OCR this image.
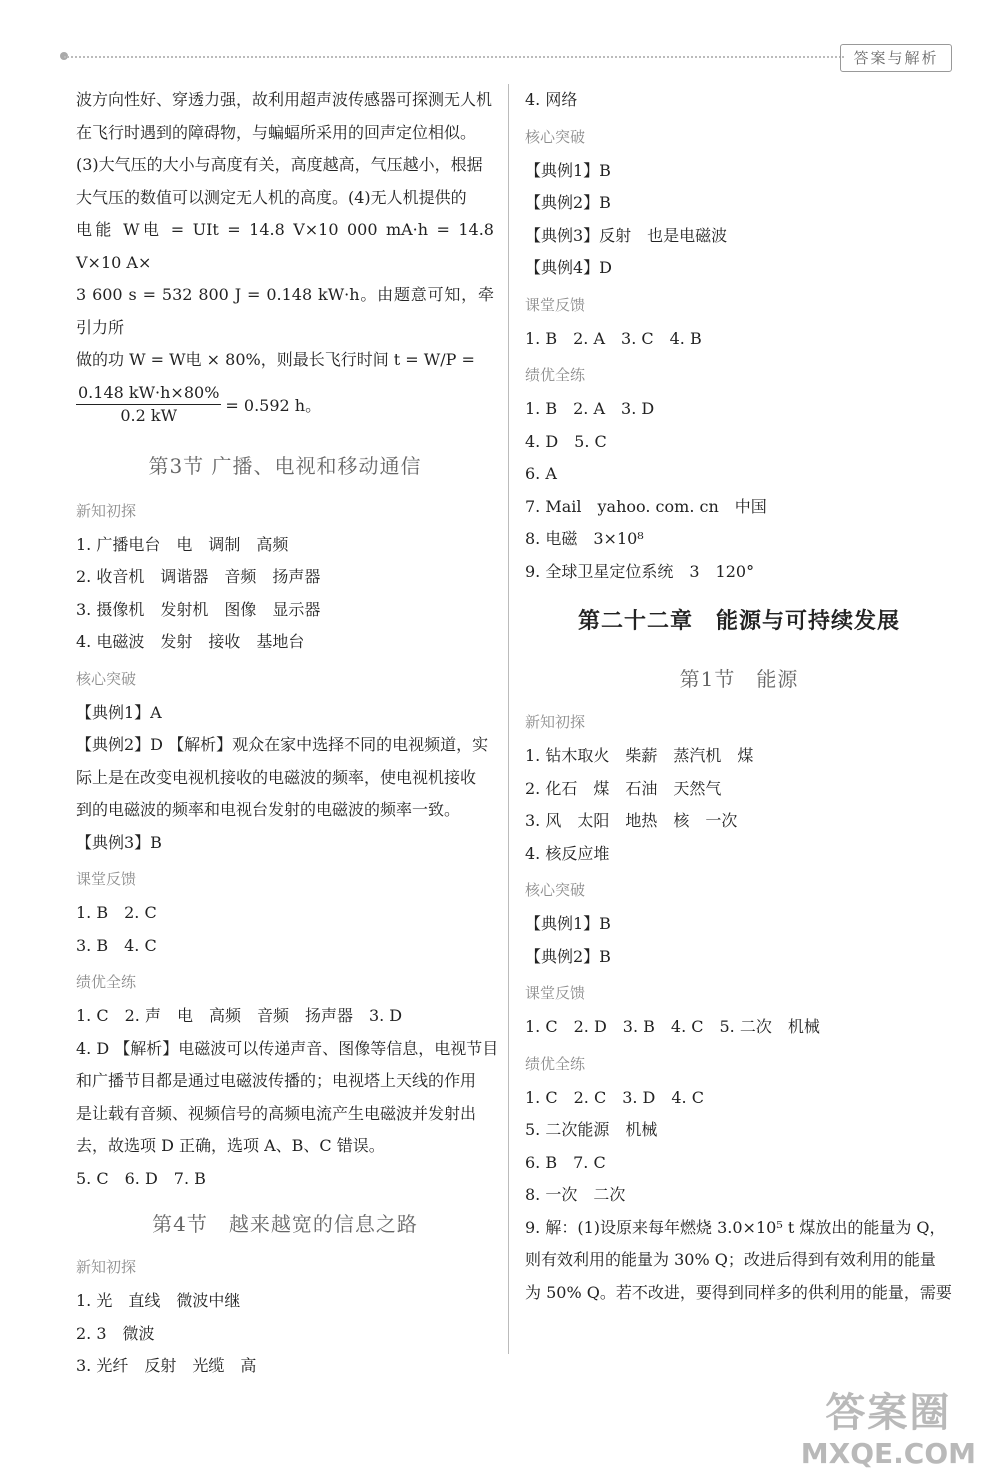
答案与解析
波方向性好、穿透力强，故利用超声波传感器可探测无人机
在飞行时遇到的障碍物，与蝙蝠所采用的回声定位相似。
(3)大气压的大小与高度有关，高度越高，气压越小，根据
大气压的数值可以测定无人机的高度。(4)无人机提供的
电能 W电 = UIt = 14.8 V×10 000 mA·h = 14.8 V×10 A×
3 600 s = 532 800 J = 0.148 kW·h。由题意可知，牵引力所
做的功 W = W电 × 80%，则最长飞行时间 t = W/P =
$\frac{0.148 kW\cdot h\times 80\%}{0.2 kW} = 0.592$ h。
第3节 广播、电视和移动通信
新知初探
1. 广播电台　电　调制　高频
2. 收音机　调谐器　音频　扬声器
3. 摄像机　发射机　图像　显示器
4. 电磁波　发射　接收　基地台
核心突破
【典例1】A
【典例2】D 【解析】观众在家中选择不同的电视频道，实
际上是在改变电视机接收的电磁波的频率，使电视机接收
到的电磁波的频率和电视台发射的电磁波的频率一致。
【典例3】B
课堂反馈
1. B　2. C
3. B　4. C
绩优全练
1. C　2. 声　电　高频　音频　扬声器　3. D
4. D 【解析】电磁波可以传递声音、图像等信息，电视节目
和广播节目都是通过电磁波传播的；电视塔上天线的作用
是让载有音频、视频信号的高频电流产生电磁波并发射出
去，故选项 D 正确，选项 A、B、C 错误。
5. C　6. D　7. B
第4节　越来越宽的信息之路
新知初探
1. 光　直线　微波中继
2. 3　微波
3. 光纤　反射　光缆　高
4. 网络
核心突破
【典例1】B
【典例2】B
【典例3】反射　也是电磁波
【典例4】D
课堂反馈
1. B　2. A　3. C　4. B
绩优全练
1. B　2. A　3. D
4. D　5. C
6. A
7. Mail　yahoo. com. cn　中国
8. 电磁　3×10⁸
9. 全球卫星定位系统　3　120°
第二十二章　能源与可持续发展
第1节　能源
新知初探
1. 钻木取火　柴薪　蒸汽机　煤
2. 化石　煤　石油　天然气
3. 风　太阳　地热　核　一次
4. 核反应堆
核心突破
【典例1】B
【典例2】B
课堂反馈
1. C　2. D　3. B　4. C　5. 二次　机械
绩优全练
1. C　2. C　3. D　4. C
5. 二次能源　机械
6. B　7. C
8. 一次　二次
9. 解：(1)设原来每年燃烧 3.0×10⁵ t 煤放出的能量为 Q，
则有效利用的能量为 30% Q；改进后得到有效利用的能量
为 50% Q。若不改进，要得到同样多的供利用的能量，需要
答案圈
MXQE.COM
